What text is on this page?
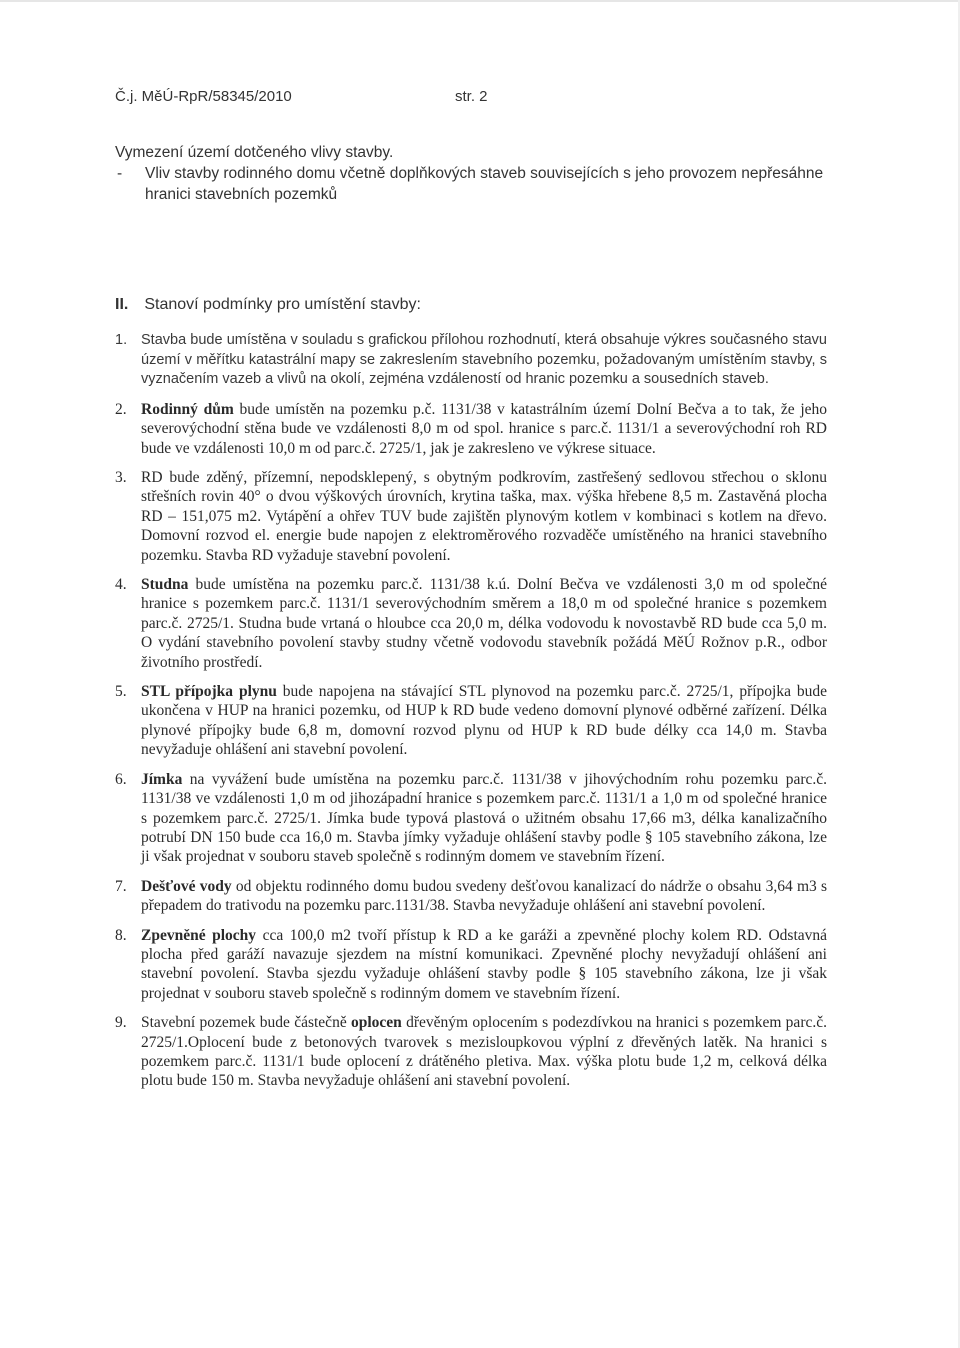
Č.j. MěÚ-RpR/58345/2010	str. 2
Vymezení území dotčeného vlivy stavby.
-	Vliv stavby rodinného domu včetně doplňkových staveb souvisejících s jeho provozem nepřesáhne hranici stavebních pozemků
II. Stanoví podmínky pro umístění stavby:
1. Stavba bude umístěna v souladu s grafickou přílohou rozhodnutí, která obsahuje výkres současného stavu území v měřítku katastrální mapy se zakreslením stavebního pozemku, požadovaným umístěním stavby, s vyznačením vazeb a vlivů na okolí, zejména vzdáleností od hranic pozemku a sousedních staveb.
2. Rodinný dům bude umístěn na pozemku p.č. 1131/38 v katastrálním území Dolní Bečva a to tak, že jeho severovýchodní stěna bude ve vzdálenosti 8,0 m od spol. hranice s parc.č. 1131/1 a severovýchodní roh RD bude ve vzdálenosti 10,0 m od parc.č. 2725/1, jak je zakresleno ve výkrese situace.
3. RD bude zděný, přízemní, nepodsklepený, s obytným podkrovím, zastřešený sedlovou střechou o sklonu střešních rovin 40° o dvou výškových úrovních, krytina taška, max. výška hřebene 8,5 m. Zastavěná plocha RD – 151,075 m2. Vytápění a ohřev TUV bude zajištěn plynovým kotlem v kombinaci s kotlem na dřevo. Domovní rozvod el. energie bude napojen z elektroměrového rozvaděče umístěného na hranici stavebního pozemku. Stavba RD vyžaduje stavební povolení.
4. Studna bude umístěna na pozemku parc.č. 1131/38 k.ú. Dolní Bečva ve vzdálenosti 3,0 m od společné hranice s pozemkem parc.č. 1131/1 severovýchodním směrem a 18,0 m od společné hranice s pozemkem parc.č. 2725/1. Studna bude vrtaná o hloubce cca 20,0 m, délka vodovodu k novostavbě RD bude cca 5,0 m. O vydání stavebního povolení stavby studny včetně vodovodu stavebník požádá MěÚ Rožnov p.R., odbor životního prostředí.
5. STL přípojka plynu bude napojena na stávající STL plynovod na pozemku parc.č. 2725/1, přípojka bude ukončena v HUP na hranici pozemku, od HUP k RD bude vedeno domovní plynové odběrné zařízení. Délka plynové přípojky bude 6,8 m, domovní rozvod plynu od HUP k RD bude délky cca 14,0 m. Stavba nevyžaduje ohlášení ani stavební povolení.
6. Jímka na vyvážení bude umístěna na pozemku parc.č. 1131/38 v jihovýchodním rohu pozemku parc.č. 1131/38 ve vzdálenosti 1,0 m od jihozápadní hranice s pozemkem parc.č. 1131/1 a 1,0 m od společné hranice s pozemkem parc.č. 2725/1. Jímka bude typová plastová o užitném obsahu 17,66 m3, délka kanalizačního potrubí DN 150 bude cca 16,0 m. Stavba jímky vyžaduje ohlášení stavby podle § 105 stavebního zákona, lze ji však projednat v souboru staveb společně s rodinným domem ve stavebním řízení.
7. Dešťové vody od objektu rodinného domu budou svedeny dešťovou kanalizací do nádrže o obsahu 3,64 m3 s přepadem do trativodu na pozemku parc.1131/38. Stavba nevyžaduje ohlášení ani stavební povolení.
8. Zpevněné plochy cca 100,0 m2 tvoří přístup k RD a ke garáži a zpevněné plochy kolem RD. Odstavná plocha před garáží navazuje sjezdem na místní komunikaci. Zpevněné plochy nevyžadují ohlášení ani stavební povolení. Stavba sjezdu vyžaduje ohlášení stavby podle § 105 stavebního zákona, lze ji však projednat v souboru staveb společně s rodinným domem ve stavebním řízení.
9. Stavební pozemek bude částečně oplocen dřevěným oplocením s podezdívkou na hranici s pozemkem parc.č. 2725/1.Oplocení bude z betonových tvarovek s mezisloupkovou výplní z dřevěných latěk. Na hranici s pozemkem parc.č. 1131/1 bude oplocení z drátěného pletiva. Max. výška plotu bude 1,2 m, celková délka plotu bude 150 m. Stavba nevyžaduje ohlášení ani stavební povolení.
